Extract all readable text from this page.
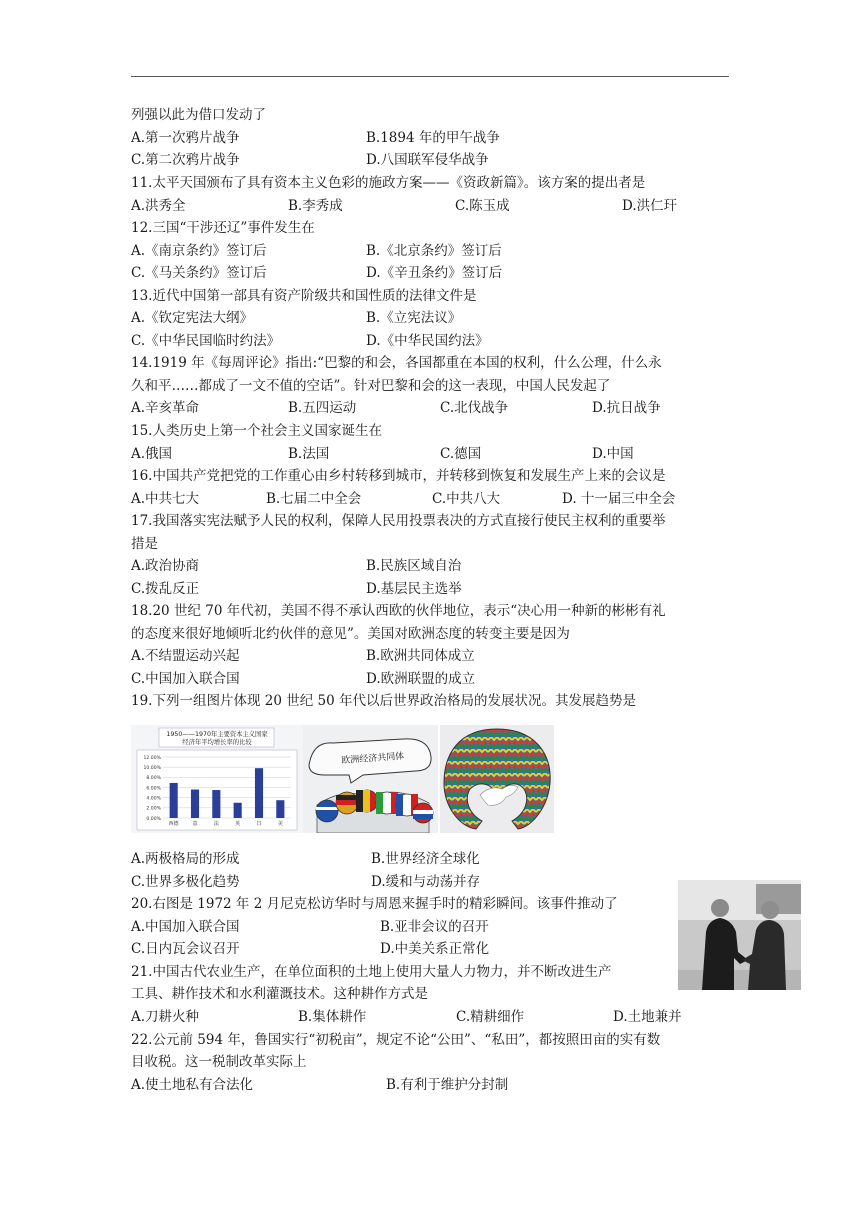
列强以此为借口发动了
A.第一次鸦片战争	B.1894 年的甲午战争
C.第二次鸦片战争	D.八国联军侵华战争
11.太平天国颁布了具有资本主义色彩的施政方案——《资政新篇》。该方案的提出者是
A.洪秀全	B.李秀成	C.陈玉成	D.洪仁玕
12.三国“干涉还辽”事件发生在
A.《南京条约》签订后	B.《北京条约》签订后
C.《马关条约》签订后	D.《辛丑条约》签订后
13.近代中国第一部具有资产阶级共和国性质的法律文件是
A.《钦定宪法大纲》	B.《立宪法议》
C.《中华民国临时约法》	D.《中华民国约法》
14.1919 年《每周评论》指出:“巴黎的和会，各国都重在本国的权利，什么公理，什么永
久和平……都成了一文不值的空话”。针对巴黎和会的这一表现，中国人民发起了
A.辛亥革命	B.五四运动	C.北伐战争	D.抗日战争
15.人类历史上第一个社会主义国家诞生在
A.俄国	B.法国	C.德国	D.中国
16.中国共产党把党的工作重心由乡村转移到城市，并转移到恢复和发展生产上来的会议是
A.中共七大	B.七届二中全会	C.中共八大	D. 十一届三中全会
17.我国落实宪法赋予人民的权利，保障人民用投票表决的方式直接行使民主权利的重要举
措是
A.政治协商	B.民族区域自治
C.拨乱反正	D.基层民主选举
18.20 世纪 70 年代初，美国不得不承认西欧的伙伴地位，表示“决心用一种新的彬彬有礼
的态度来很好地倾听北约伙伴的意见”。美国对欧洲态度的转变主要是因为
A.不结盟运动兴起	B.欧洲共同体成立
C.中国加入联合国	D.欧洲联盟的成立
19.下列一组图片体现 20 世纪 50 年代以后世界政治格局的发展状况。其发展趋势是
1950——1970年主要资本主义国家
经济年平均增长率的比较
12.00%
10.00%
8.00%
6.00%
4.00%
2.00%
0.00%
西德	意	法	英	日	美
欧洲经济共同体
A.两极格局的形成	B.世界经济全球化
C.世界多极化趋势	D.缓和与动荡并存
20.右图是 1972 年 2 月尼克松访华时与周恩来握手时的精彩瞬间。该事件推动了
A.中国加入联合国	B.亚非会议的召开
C.日内瓦会议召开	D.中美关系正常化
21.中国古代农业生产，在单位面积的土地上使用大量人力物力，并不断改进生产
工具、耕作技术和水利灌溉技术。这种耕作方式是
A.刀耕火种	B.集体耕作	C.精耕细作	D.土地兼并
22.公元前 594 年，鲁国实行“初税亩”，规定不论“公田”、“私田”，都按照田亩的实有数
目收税。这一税制改革实际上
A.使土地私有合法化	B.有利于维护分封制
